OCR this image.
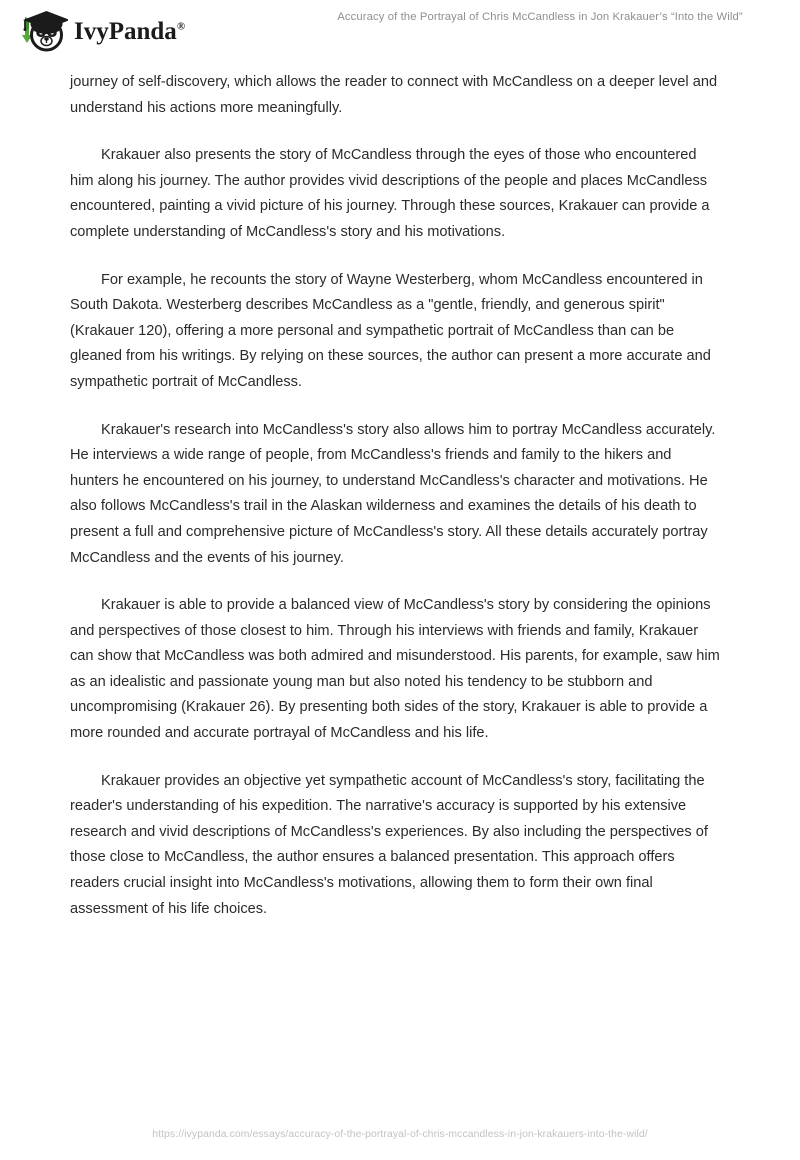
IvyPanda®
Accuracy of the Portrayal of Chris McCandless in Jon Krakauer’s “Into the Wild”

journey of self-discovery, which allows the reader to connect with McCandless on a deeper level and understand his actions more meaningfully.

Krakauer also presents the story of McCandless through the eyes of those who encountered him along his journey. The author provides vivid descriptions of the people and places McCandless encountered, painting a vivid picture of his journey. Through these sources, Krakauer can provide a complete understanding of McCandless's story and his motivations.

For example, he recounts the story of Wayne Westerberg, whom McCandless encountered in South Dakota. Westerberg describes McCandless as a "gentle, friendly, and generous spirit" (Krakauer 120), offering a more personal and sympathetic portrait of McCandless than can be gleaned from his writings. By relying on these sources, the author can present a more accurate and sympathetic portrait of McCandless.

Krakauer's research into McCandless's story also allows him to portray McCandless accurately. He interviews a wide range of people, from McCandless's friends and family to the hikers and hunters he encountered on his journey, to understand McCandless's character and motivations. He also follows McCandless's trail in the Alaskan wilderness and examines the details of his death to present a full and comprehensive picture of McCandless's story. All these details accurately portray McCandless and the events of his journey.

Krakauer is able to provide a balanced view of McCandless's story by considering the opinions and perspectives of those closest to him. Through his interviews with friends and family, Krakauer can show that McCandless was both admired and misunderstood. His parents, for example, saw him as an idealistic and passionate young man but also noted his tendency to be stubborn and uncompromising (Krakauer 26). By presenting both sides of the story, Krakauer is able to provide a more rounded and accurate portrayal of McCandless and his life.

Krakauer provides an objective yet sympathetic account of McCandless's story, facilitating the reader's understanding of his expedition. The narrative's accuracy is supported by his extensive research and vivid descriptions of McCandless's experiences. By also including the perspectives of those close to McCandless, the author ensures a balanced presentation. This approach offers readers crucial insight into McCandless's motivations, allowing them to form their own final assessment of his life choices.

https://ivypanda.com/essays/accuracy-of-the-portrayal-of-chris-mccandless-in-jon-krakauers-into-the-wild/
